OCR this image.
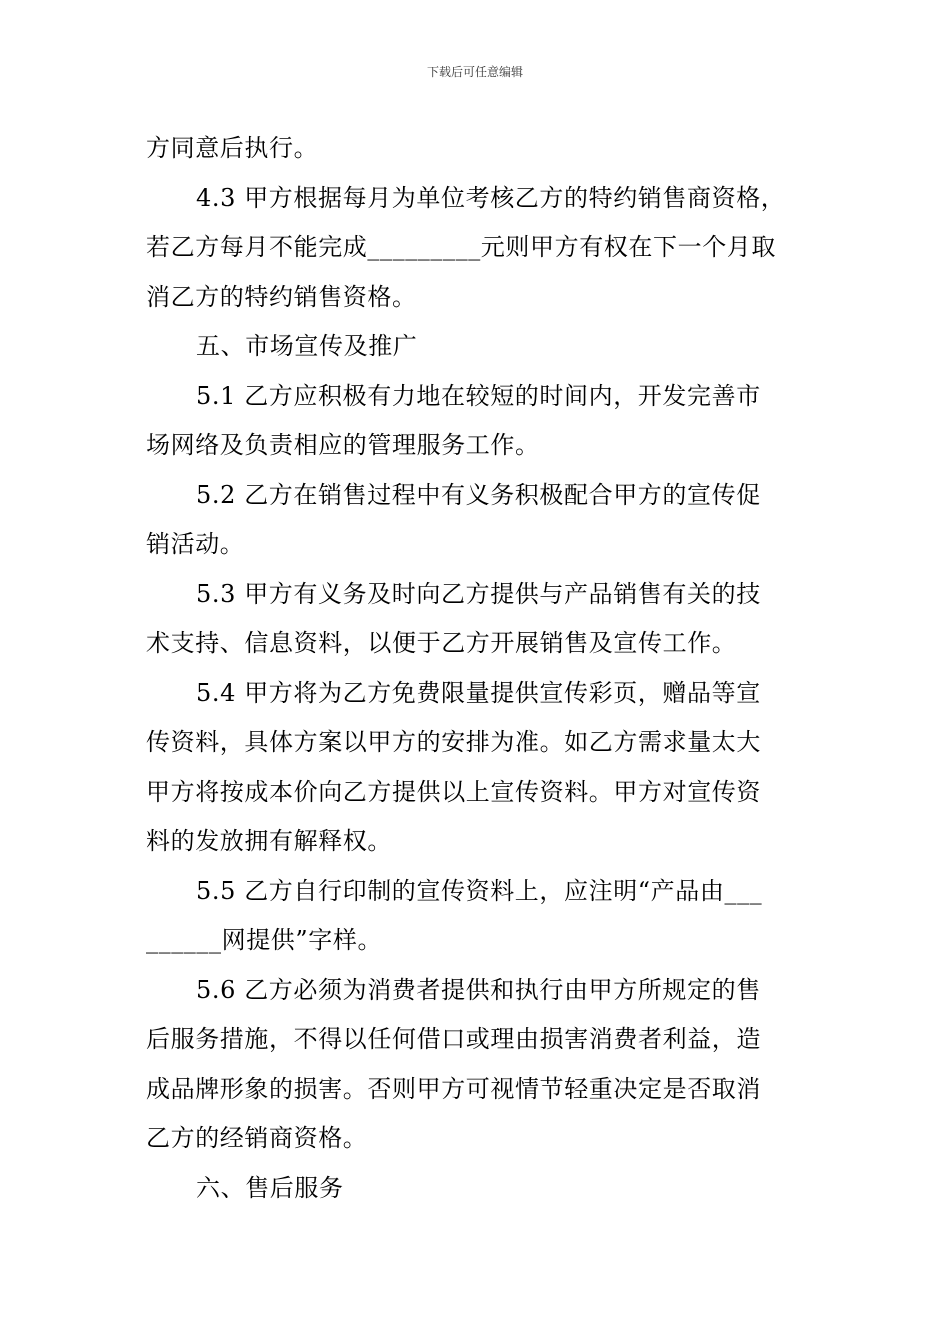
下载后可任意编辑

方同意后执行。

4.3 甲方根据每月为单位考核乙方的特约销售商资格，
若乙方每月不能完成_________元则甲方有权在下一个月取
消乙方的特约销售资格。

五、市场宣传及推广

5.1 乙方应积极有力地在较短的时间内，开发完善市
场网络及负责相应的管理服务工作。

5.2 乙方在销售过程中有义务积极配合甲方的宣传促
销活动。

5.3 甲方有义务及时向乙方提供与产品销售有关的技
术支持、信息资料，以便于乙方开展销售及宣传工作。

5.4 甲方将为乙方免费限量提供宣传彩页，赠品等宣
传资料，具体方案以甲方的安排为准。如乙方需求量太大
甲方将按成本价向乙方提供以上宣传资料。甲方对宣传资
料的发放拥有解释权。

5.5 乙方自行印制的宣传资料上，应注明“产品由___
______网提供”字样。

5.6 乙方必须为消费者提供和执行由甲方所规定的售
后服务措施，不得以任何借口或理由损害消费者利益，造
成品牌形象的损害。否则甲方可视情节轻重决定是否取消
乙方的经销商资格。

六、售后服务
